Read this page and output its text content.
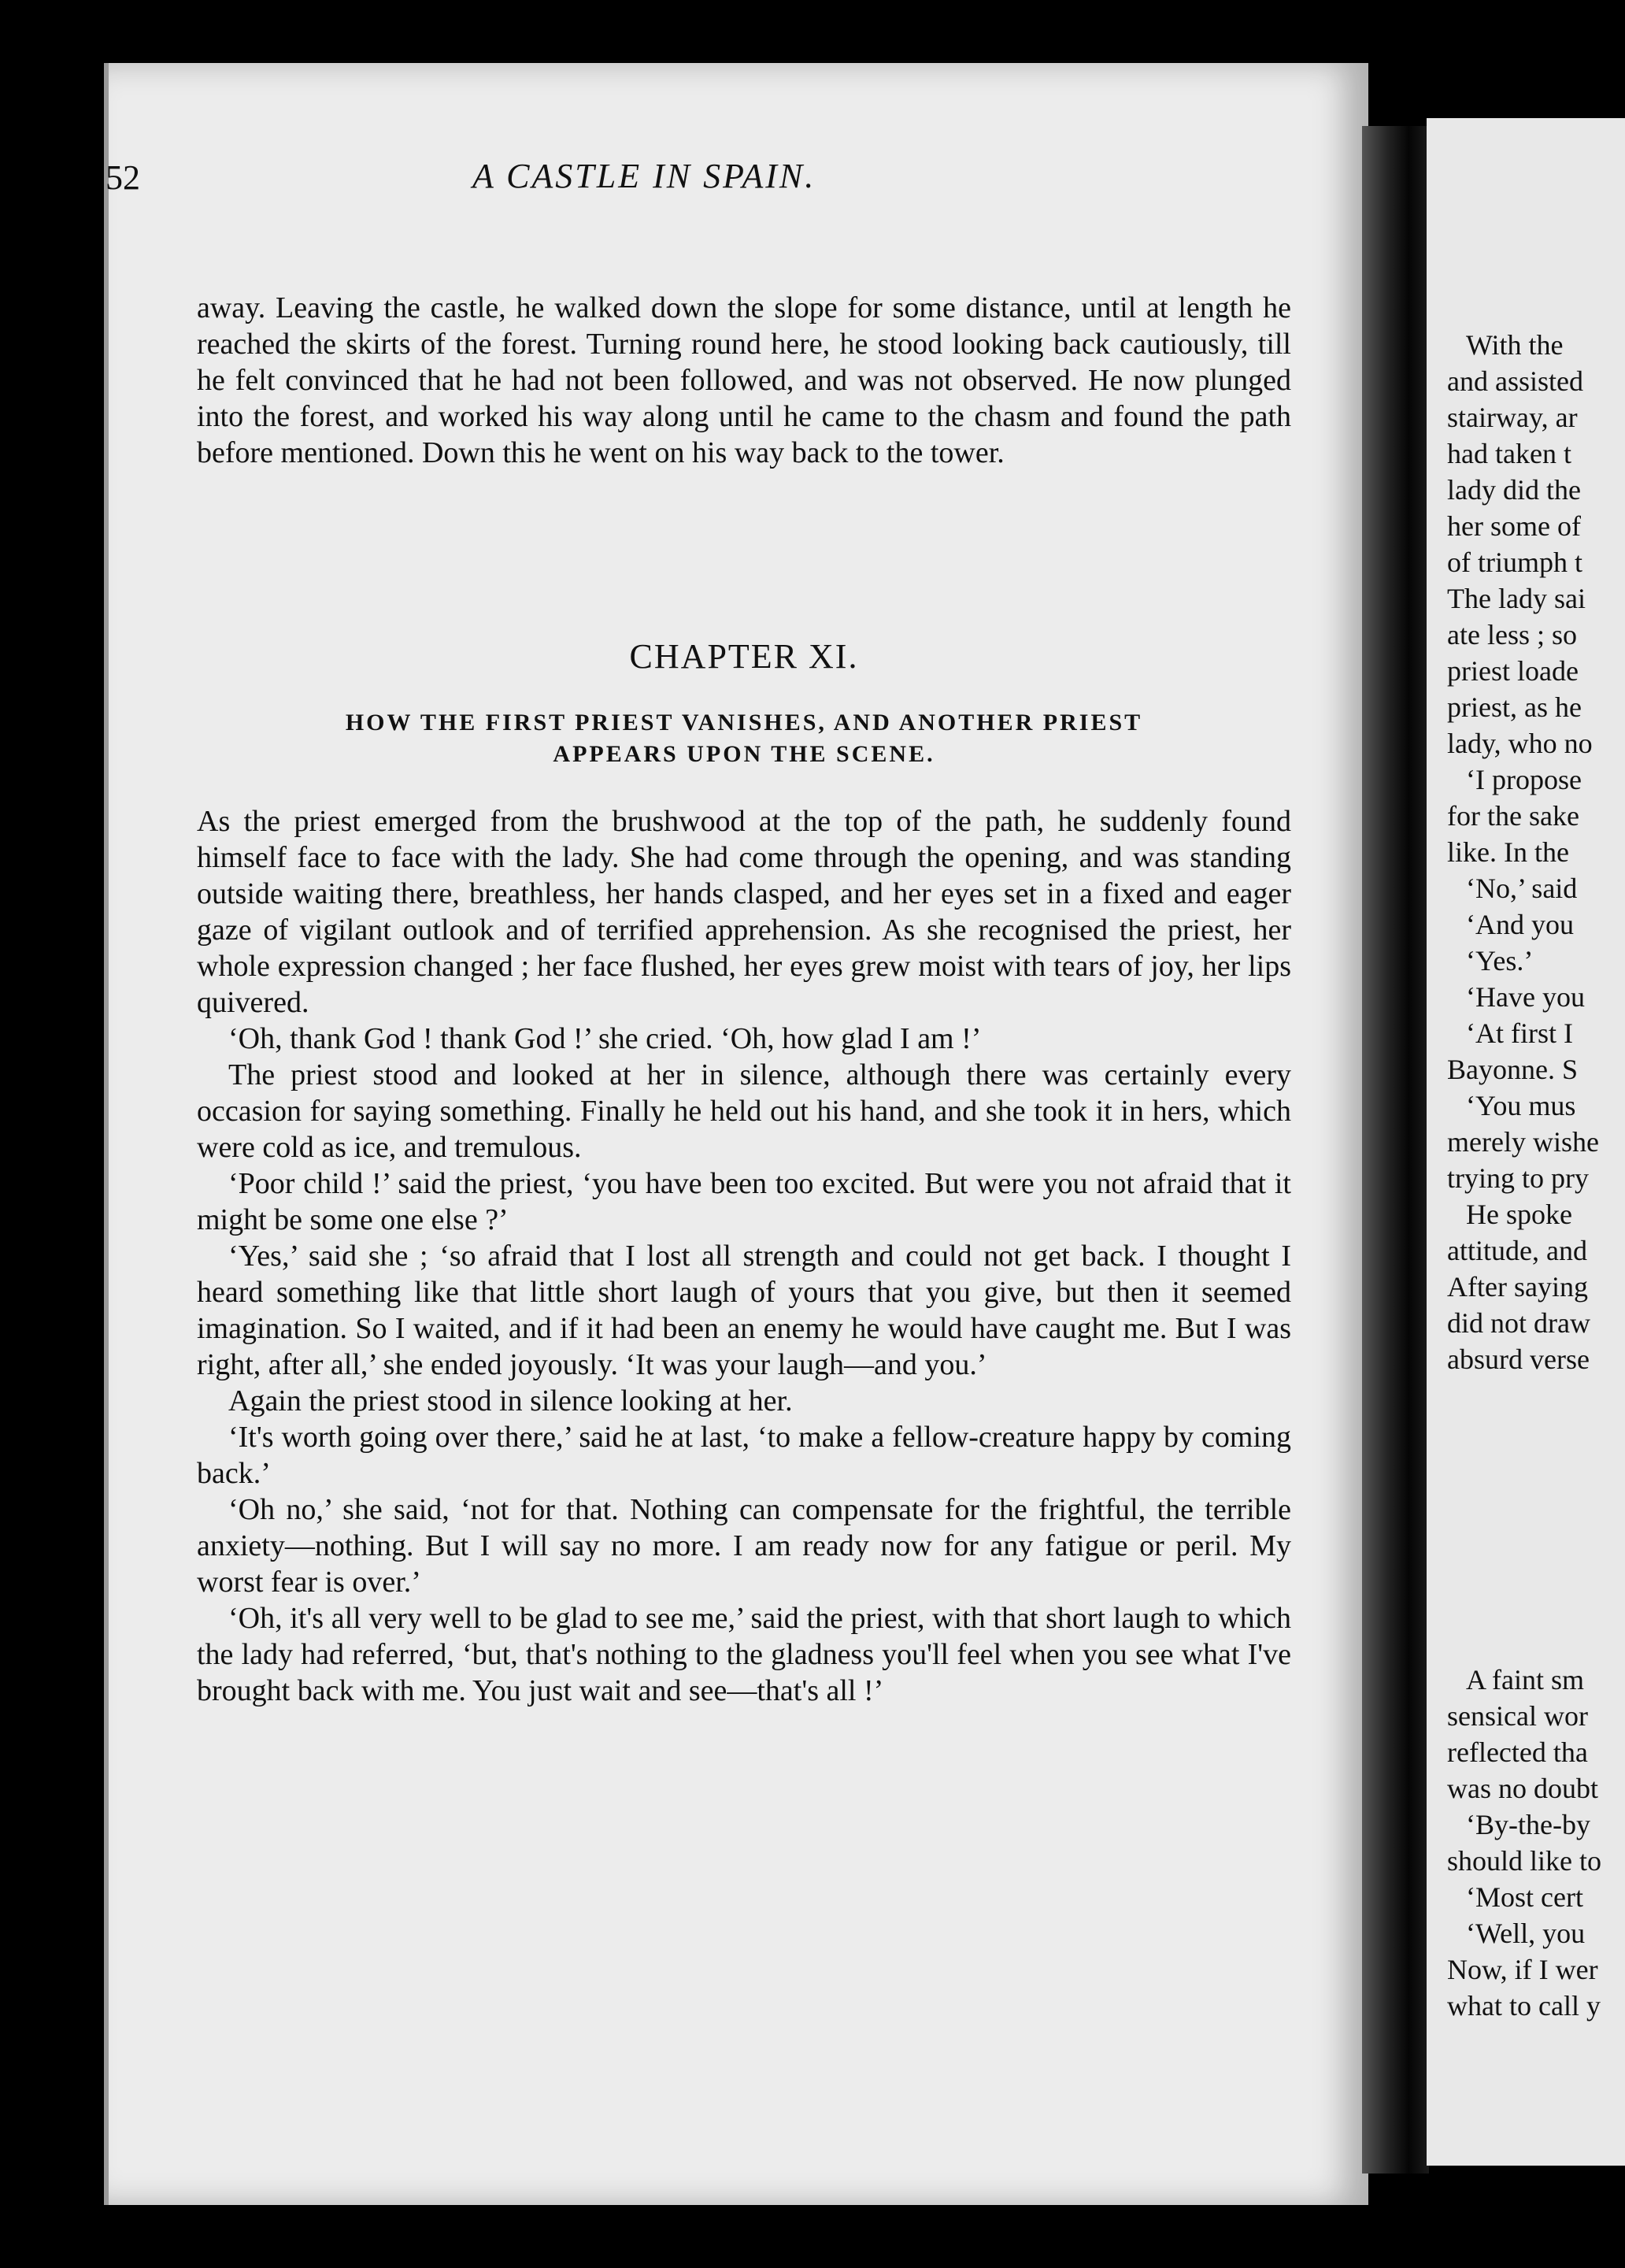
52	A CASTLE IN SPAIN.

away. Leaving the castle, he walked down the slope for some distance, until at length he reached the skirts of the forest. Turning round here, he stood looking back cautiously, till he felt convinced that he had not been followed, and was not observed. He now plunged into the forest, and worked his way along until he came to the chasm and found the path before mentioned. Down this he went on his way back to the tower.

CHAPTER XI.
HOW THE FIRST PRIEST VANISHES, AND ANOTHER PRIEST
APPEARS UPON THE SCENE.

As the priest emerged from the brushwood at the top of the path, he suddenly found himself face to face with the lady. She had come through the opening, and was standing outside waiting there, breathless, her hands clasped, and her eyes set in a fixed and eager gaze of vigilant outlook and of terrified apprehension. As she recognised the priest, her whole expression changed ; her face flushed, her eyes grew moist with tears of joy, her lips quivered.

‘Oh, thank God ! thank God !’ she cried. ‘Oh, how glad I am !’

The priest stood and looked at her in silence, although there was certainly every occasion for saying something. Finally he held out his hand, and she took it in hers, which were cold as ice, and tremulous.

‘Poor child !’ said the priest, ‘you have been too excited. But were you not afraid that it might be some one else ?’

‘Yes,’ said she ; ‘so afraid that I lost all strength and could not get back. I thought I heard something like that little short laugh of yours that you give, but then it seemed imagination. So I waited, and if it had been an enemy he would have caught me. But I was right, after all,’ she ended joyously. ‘It was your laugh—and you.’

Again the priest stood in silence looking at her.

‘It's worth going over there,’ said he at last, ‘to make a fellow-creature happy by coming back.’

‘Oh no,’ she said, ‘not for that. Nothing can compensate for the frightful, the terrible anxiety—nothing. But I will say no more. I am ready now for any fatigue or peril. My worst fear is over.’

‘Oh, it's all very well to be glad to see me,’ said the priest, with that short laugh to which the lady had referred, ‘but, that's nothing to the gladness you'll feel when you see what I've brought back with me. You just wait and see—that's all !’

With the
and assisted
stairway, ar
had taken t
lady did the
her some of
of triumph t
The lady sai
ate less ; so
priest loade
priest, as he
lady, who no
‘I propose
for the sake
like. In the
‘No,’ said
‘And you
‘Yes.’
‘Have you
‘At first I
Bayonne. S
‘You mus
merely wishe
trying to pry
He spoke
attitude, and
After saying
did not draw
absurd verse
A faint sm
sensical wor
reflected tha
was no doubt
‘By-the-by
should like to
‘Most cert
‘Well, you
Now, if I wer
what to call y
